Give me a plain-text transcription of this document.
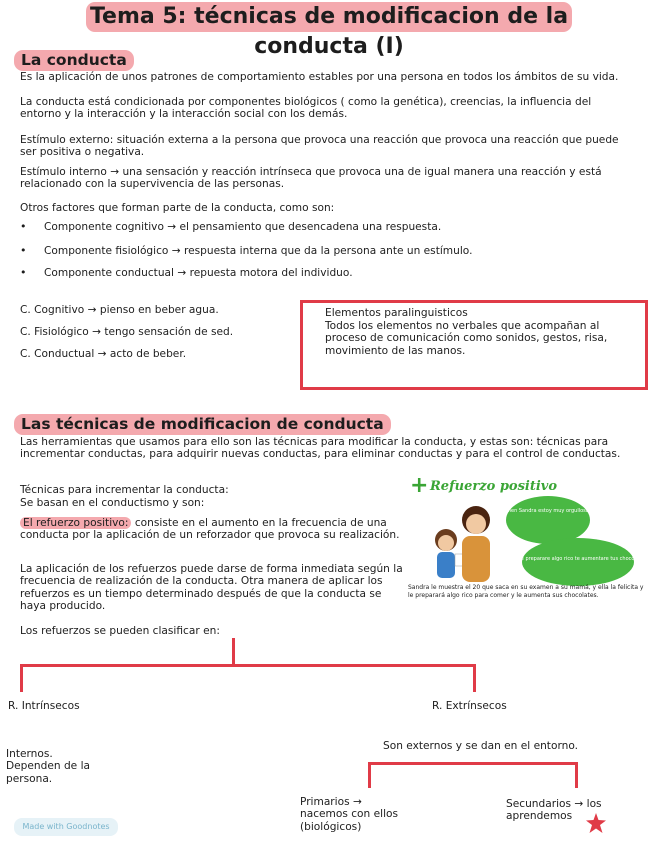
Tema 5: técnicas de modificacion de la conducta (I)
La conducta
Es la aplicación de unos patrones de comportamiento estables por una persona en todos los ámbitos de su vida.
La conducta está condicionada por componentes biológicos ( como la genética), creencias, la influencia del entorno y la interacción y la interacción social con los demás.
Estímulo externo: situación externa a la persona que provoca una reacción que provoca una reacción que puede ser positiva o negativa.
Estímulo interno → una sensación y reacción intrínseca que provoca una de igual manera una reacción y está relacionado con la supervivencia de las personas.
Otros factores que forman parte de la conducta, como son:
• Componente cognitivo → el pensamiento que desencadena una respuesta.
• Componente fisiológico → respuesta interna que da la persona ante un estímulo.
• Componente conductual → repuesta motora del individuo.
C. Cognitivo → pienso en beber agua.
C. Fisiológico → tengo sensación de sed.
C. Conductual → acto de beber.
Elementos paralinguisticos
Todos los elementos no verbales que acompañan al proceso de comunicación como sonidos, gestos, risa, movimiento de las manos.
Las técnicas de modificacion de conducta
Las herramientas que usamos para ello son las técnicas para modificar la conducta, y estas son: técnicas para incrementar conductas, para adquirir nuevas conductas, para eliminar conductas y para el control de conductas.
Técnicas para incrementar la conducta:
Se basan en el conductismo y son:
El refuerzo positivo: consiste en el aumento en la frecuencia de una conducta por la aplicación de un reforzador que provoca su realización.
La aplicación de los refuerzos puede darse de forma inmediata según la frecuencia de realización de la conducta. Otra manera de aplicar los refuerzos es un tiempo determinado después de que la conducta se haya producido.
Los refuerzos se pueden clasificar en:
+ Refuerzo positivo
¡Muy bien Sandra estoy muy orgullosa de ti!
Hoy te preparare algo rico te aumentare tus chocolates!
Sandra le muestra el 20 que saca en su examen a su mamá, y ella la felicita y le preparará algo rico para comer y le aumenta sus chocolates.
R. Intrínsecos	R. Extrínsecos
Internos. Dependen de la persona.
Son externos y se dan en el entorno.
Primarios → nacemos con ellos (biológicos)
Secundarios → los aprendemos
Made with Goodnotes
